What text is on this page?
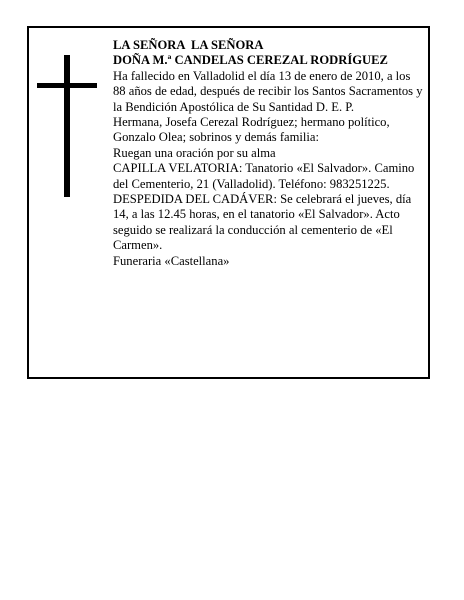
LA SEÑORA  LA SEÑORA

DOÑA M.ª CANDELAS CEREZAL RODRÍGUEZ

Ha fallecido en Valladolid el día 13 de enero de 2010, a los 88 años de edad, después de recibir los Santos Sacramentos y la Bendición Apostólica de Su Santidad D. E. P.

Hermana, Josefa Cerezal Rodríguez; hermano político, Gonzalo Olea; sobrinos y demás familia:

Ruegan una oración por su alma

CAPILLA VELATORIA: Tanatorio «El Salvador». Camino del Cementerio, 21 (Valladolid). Teléfono: 983251225.

DESPEDIDA DEL CADÁVER: Se celebrará el jueves, día 14, a las 12.45 horas, en el tanatorio «El Salvador». Acto seguido se realizará la conducción al cementerio de «El Carmen».

Funeraria «Castellana»
